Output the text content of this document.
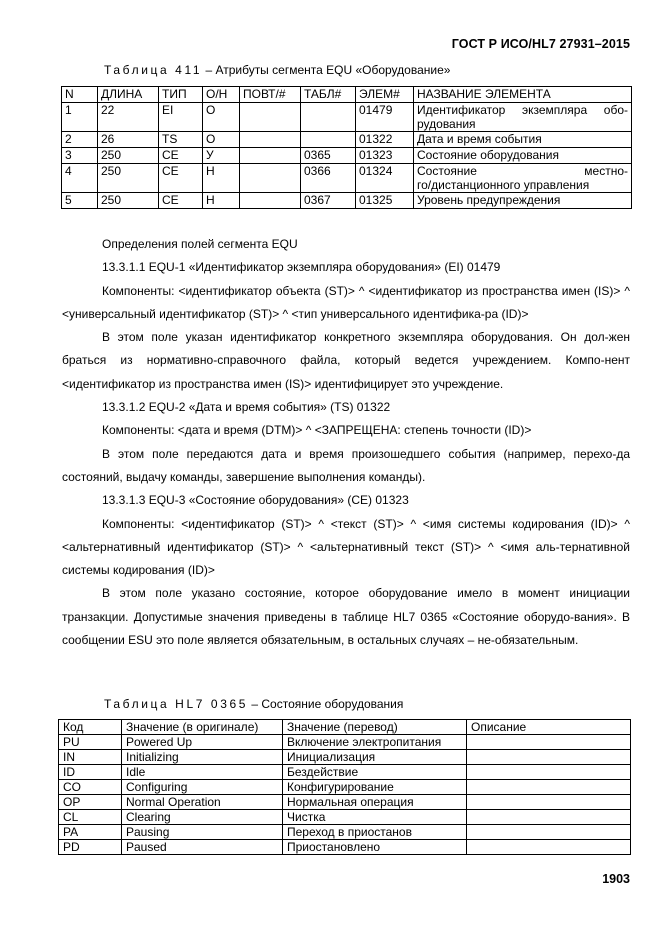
ГОСТ Р ИСО/HL7 27931–2015
Таблица 411 – Атрибуты сегмента EQU «Оборудование»
N	ДЛИНА	ТИП	О/Н	ПОВТ/#	ТАБЛ#	ЭЛЕМ#	НАЗВАНИЕ ЭЛЕМЕНТА
1	22	EI	О			01479	Идентификатор экземпляра обо-
рудования

2	26	TS	О			01322	Дата и время события
3	250	CE	У		0365	01323	Состояние оборудования
4	250	CE	Н		0366	01324	Состояние местно-
го/дистанционного управления

5	250	CE	Н		0367	01325	Уровень предупреждения

Определения полей сегмента EQU

13.3.1.1 EQU-1 «Идентификатор экземпляра оборудования» (EI) 01479

Компоненты: <идентификатор объекта (ST)> ^ <идентификатор из пространства имен (IS)> ^ <универсальный идентификатор (ST)> ^ <тип универсального идентифика-ра (ID)>

В этом поле указан идентификатор конкретного экземпляра оборудования. Он дол-жен браться из нормативно-справочного файла, который ведется учреждением. Компо-нент <идентификатор из пространства имен (IS)> идентифицирует это учреждение.

13.3.1.2 EQU-2 «Дата и время события» (TS) 01322

Компоненты: <дата и время (DTM)> ^ <ЗАПРЕЩЕНА: степень точности (ID)>

В этом поле передаются дата и время произошедшего события (например, перехо-да состояний, выдачу команды, завершение выполнения команды).

13.3.1.3 EQU-3 «Состояние оборудования» (CE) 01323

Компоненты: <идентификатор (ST)> ^ <текст (ST)> ^ <имя системы кодирования (ID)> ^ <альтернативный идентификатор (ST)> ^ <альтернативный текст (ST)> ^ <имя аль-тернативной системы кодирования (ID)>

В этом поле указано состояние, которое оборудование имело в момент инициации транзакции. Допустимые значения приведены в таблице HL7 0365 «Состояние оборудо-вания». В сообщении ESU это поле является обязательным, в остальных случаях – не-обязательным.

Таблица HL7 0365 – Состояние оборудования
Код	Значение (в оригинале)	Значение (перевод)	Описание
PU	Powered Up	Включение электропитания	
IN	Initializing	Инициализация	
ID	Idle	Бездействие	
CO	Configuring	Конфигурирование	
OP	Normal Operation	Нормальная операция	
CL	Clearing	Чистка	
PA	Pausing	Переход в приостанов	
PD	Paused	Приостановлено	
1903
